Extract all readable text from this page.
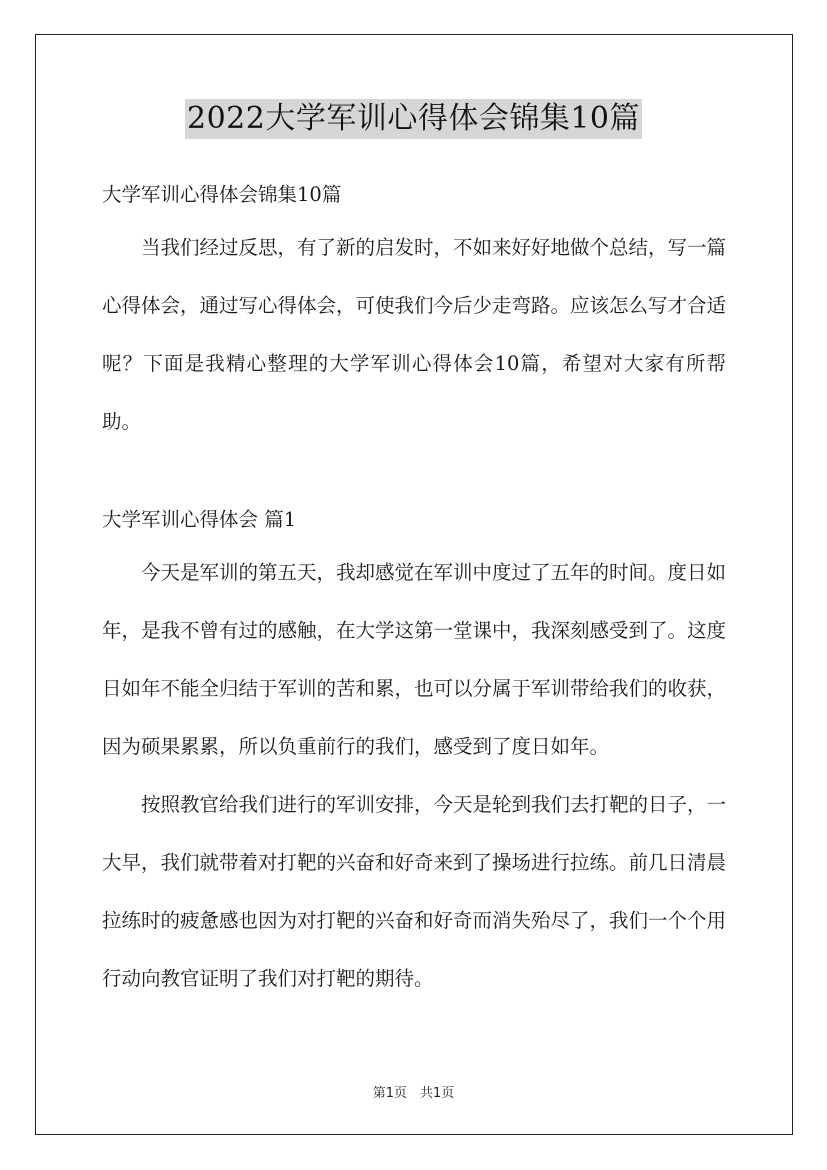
2022大学军训心得体会锦集10篇
大学军训心得体会锦集10篇

当我们经过反思，有了新的启发时，不如来好好地做个总结，写一篇心得体会，通过写心得体会，可使我们今后少走弯路。应该怎么写才合适呢？下面是我精心整理的大学军训心得体会10篇，希望对大家有所帮助。

大学军训心得体会 篇1

今天是军训的第五天，我却感觉在军训中度过了五年的时间。度日如年，是我不曾有过的感触，在大学这第一堂课中，我深刻感受到了。这度日如年不能全归结于军训的苦和累，也可以分属于军训带给我们的收获，因为硕果累累，所以负重前行的我们，感受到了度日如年。

按照教官给我们进行的军训安排，今天是轮到我们去打靶的日子，一大早，我们就带着对打靶的兴奋和好奇来到了操场进行拉练。前几日清晨拉练时的疲惫感也因为对打靶的兴奋和好奇而消失殆尽了，我们一个个用行动向教官证明了我们对打靶的期待。

第1页　共1页
